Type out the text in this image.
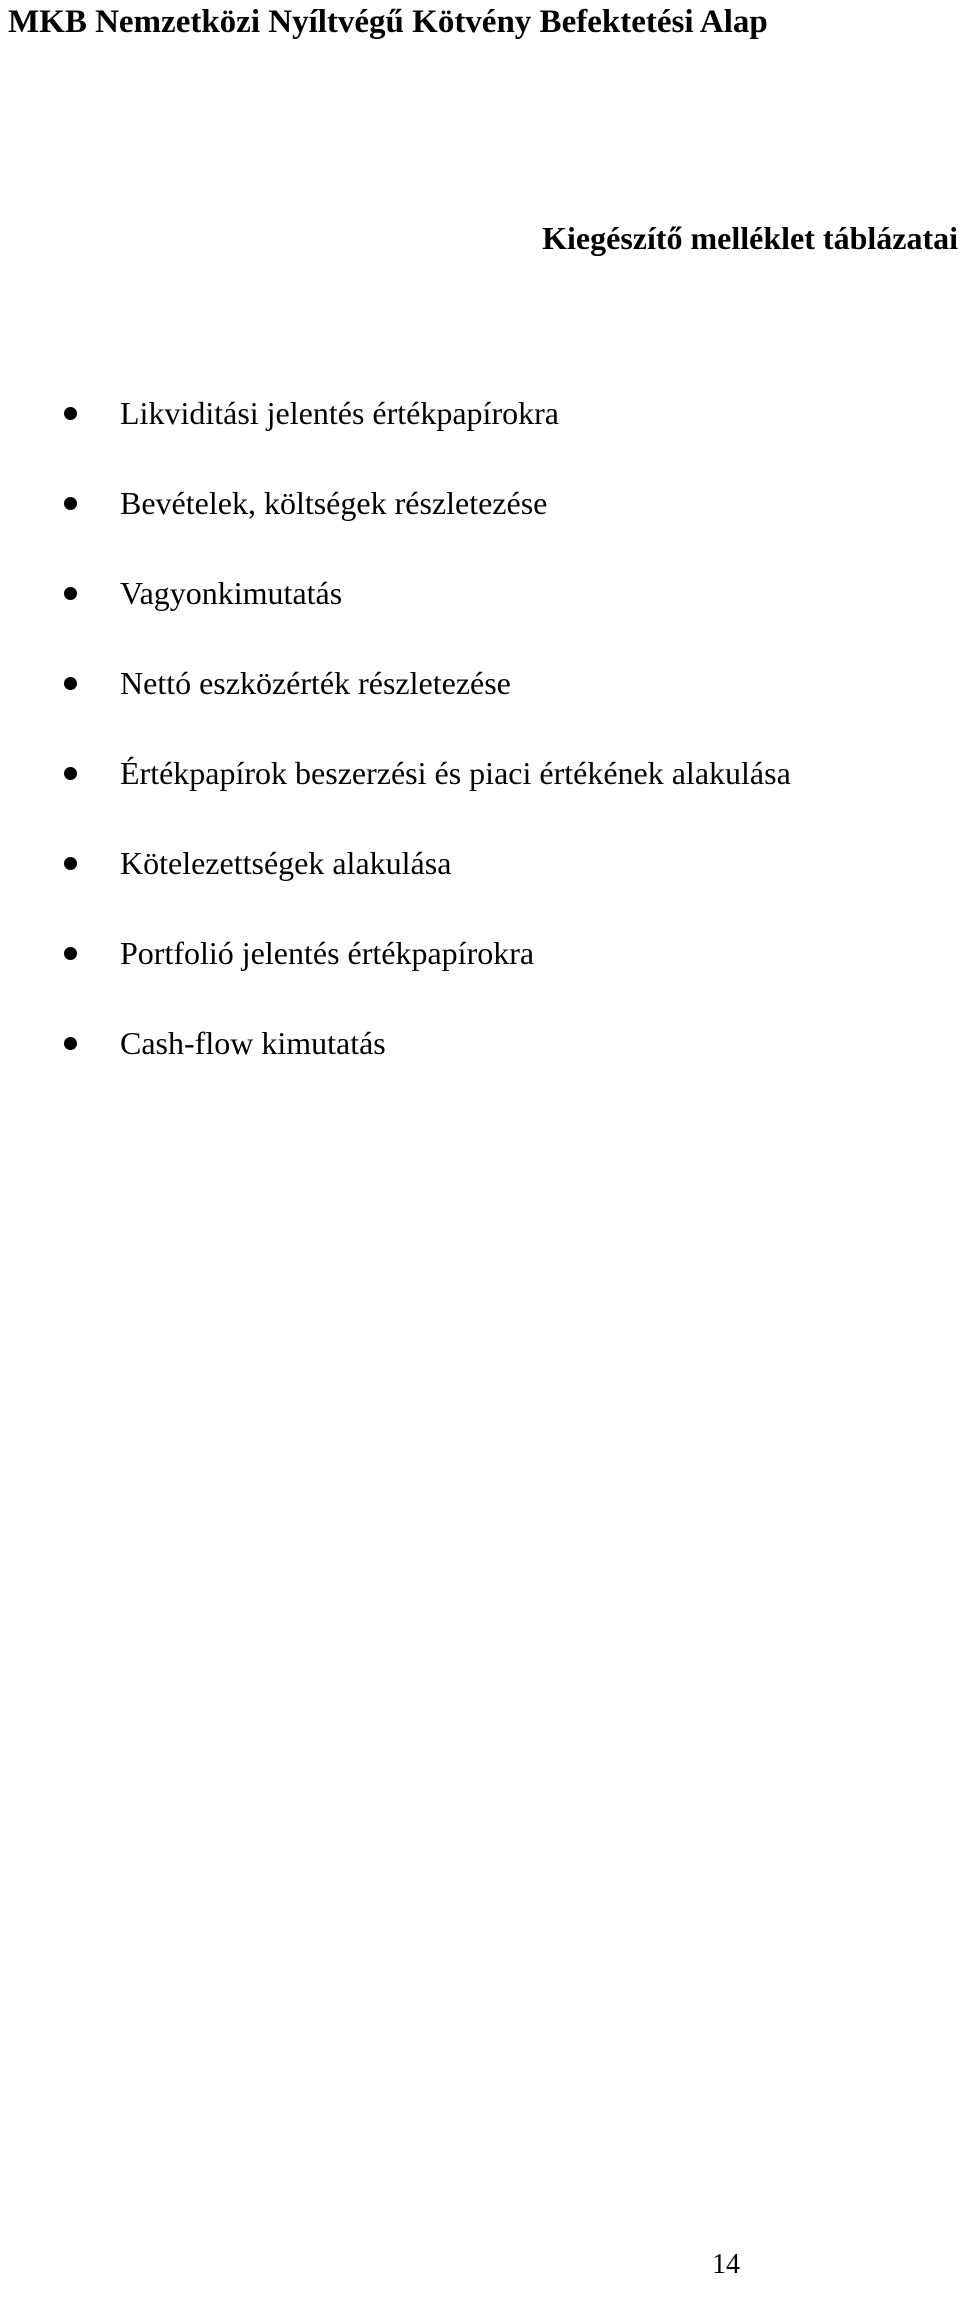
MKB Nemzetközi Nyíltvégű Kötvény Befektetési Alap
Kiegészítő melléklet táblázatai
Likviditási jelentés értékpapírokra
Bevételek, költségek részletezése
Vagyonkimutatás
Nettó eszközérték részletezése
Értékpapírok beszerzési és piaci értékének alakulása
Kötelezettségek alakulása
Portfolió jelentés értékpapírokra
Cash-flow kimutatás
14
